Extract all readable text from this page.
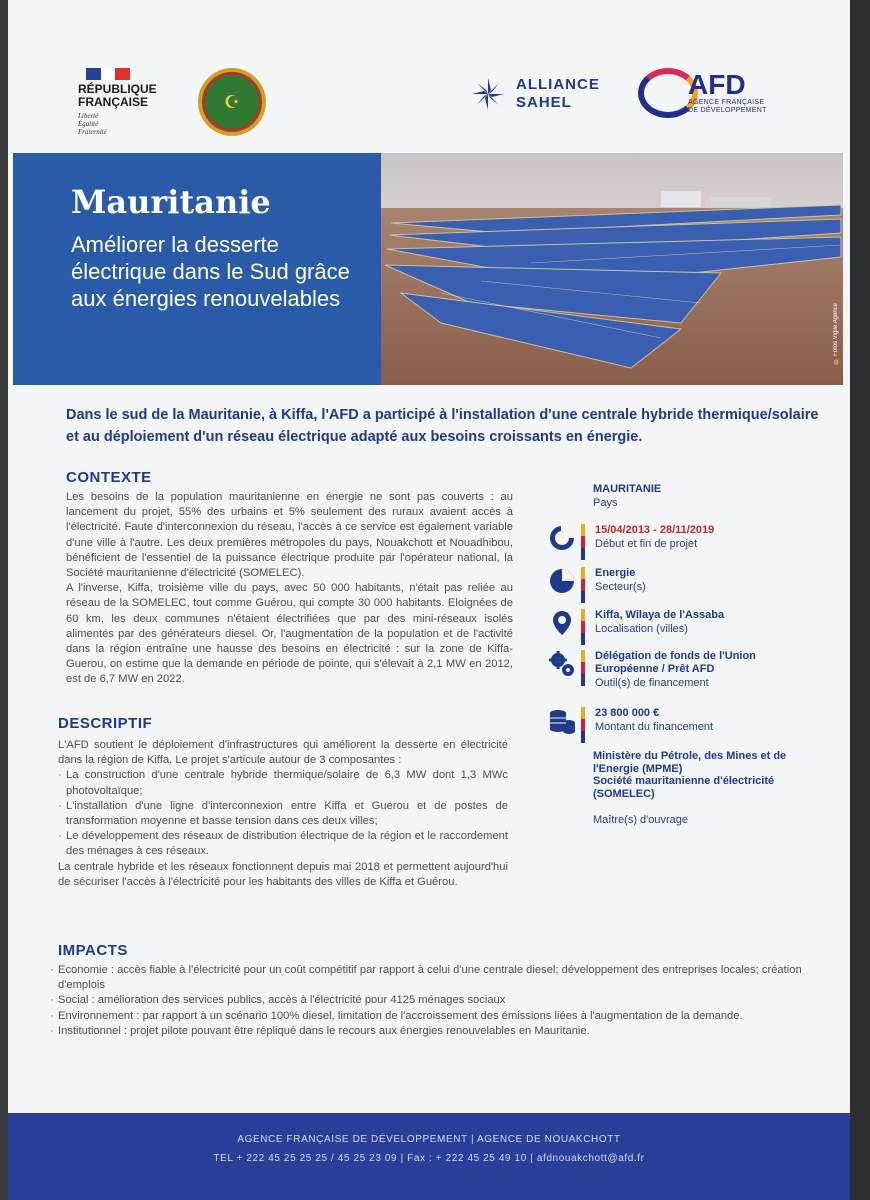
RÉPUBLIQUE
FRANÇAISE
Liberté
Égalité
Fraternité
☪
ALLIANCE
SAHEL
AFD
AGENCE FRANÇAISE
DE DÉVELOPPEMENT
Mauritanie
Améliorer la desserte électrique dans le Sud grâce aux énergies renouvelables
© Fotos Vigile Agence
Dans le sud de la Mauritanie, à Kiffa, l'AFD a participé à l'installation d'une centrale hybride thermique/solaire et au déploiement d'un réseau électrique adapté aux besoins croissants en énergie.
CONTEXTE

Les besoins de la population mauritanienne en énergie ne sont pas couverts : au lancement du projet, 55% des urbains et 5% seulement des ruraux avaient accès à l'électricité. Faute d'interconnexion du réseau, l'accès à ce service est également variable d'une ville à l'autre. Les deux premières métropoles du pays, Nouakchott et Nouadhibou, bénéficient de l'essentiel de la puissance électrique produite par l'opérateur national, la Société mauritanienne d'électricité (SOMELEC).

A l'inverse, Kiffa, troisième ville du pays, avec 50 000 habitants, n'était pas reliée au réseau de la SOMELEC, tout comme Guérou, qui compte 30 000 habitants. Eloignées de 60 km, les deux communes n'étaient électrifiées que par des mini-réseaux isolés alimentés par des générateurs diesel. Or, l'augmentation de la population et de l'activité dans la région entraîne une hausse des besoins en électricité : sur la zone de Kiffa-Guerou, on estime que la demande en période de pointe, qui s'élevait à 2,1 MW en 2012, est de 6,7 MW en 2022.

DESCRIPTIF

L'AFD soutient le déploiement d'infrastructures qui améliorent la desserte en électricité dans la région de Kiffa. Le projet s'articule autour de 3 composantes :

· La construction d'une centrale hybride thermique/solaire de 6,3 MW dont 1,3 MWc photovoltaïque;
· L'installation d'une ligne d'interconnexion entre Kiffa et Guerou et de postes de transformation moyenne et basse tension dans ces deux villes;
· Le développement des réseaux de distribution électrique de la région et le raccordement des ménages à ces réseaux.

La centrale hybride et les réseaux fonctionnent depuis mai 2018 et permettent aujourd'hui de sécuriser l'accès à l'électricité pour les habitants des villes de Kiffa et Guérou.

IMPACTS
· Economie : accès fiable à l'électricité pour un coût compétitif par rapport à celui d'une centrale diesel; développement des entreprises locales; création d'emplois
· Social : amélioration des services publics, accès à l'électricité pour 4125 ménages sociaux
· Environnement : par rapport à un scénario 100% diesel, limitation de l'accroissement des émissions liées à l'augmentation de la demande.
· Institutionnel : projet pilote pouvant être répliqué dans le recours aux énergies renouvelables en Mauritanie.
MAURITANIE
Pays
15/04/2013 - 28/11/2019
Début et fin de projet
Energie
Secteur(s)
Kiffa, Wilaya de l'Assaba
Localisation (villes)
Délégation de fonds de l'Union Européenne / Prêt AFD
Outil(s) de financement
23 800 000 €
Montant du financement
Ministère du Pétrole, des Mines et de l'Energie (MPME)
Société mauritanienne d'électricité (SOMELEC)
Maître(s) d'ouvrage
AGENCE FRANÇAISE DE DÉVELOPPEMENT | AGENCE DE NOUAKCHOTT
TEL + 222 45 25 25 25 / 45 25 23 09 | Fax : + 222 45 25 49 10 | afdnouakchott@afd.fr
